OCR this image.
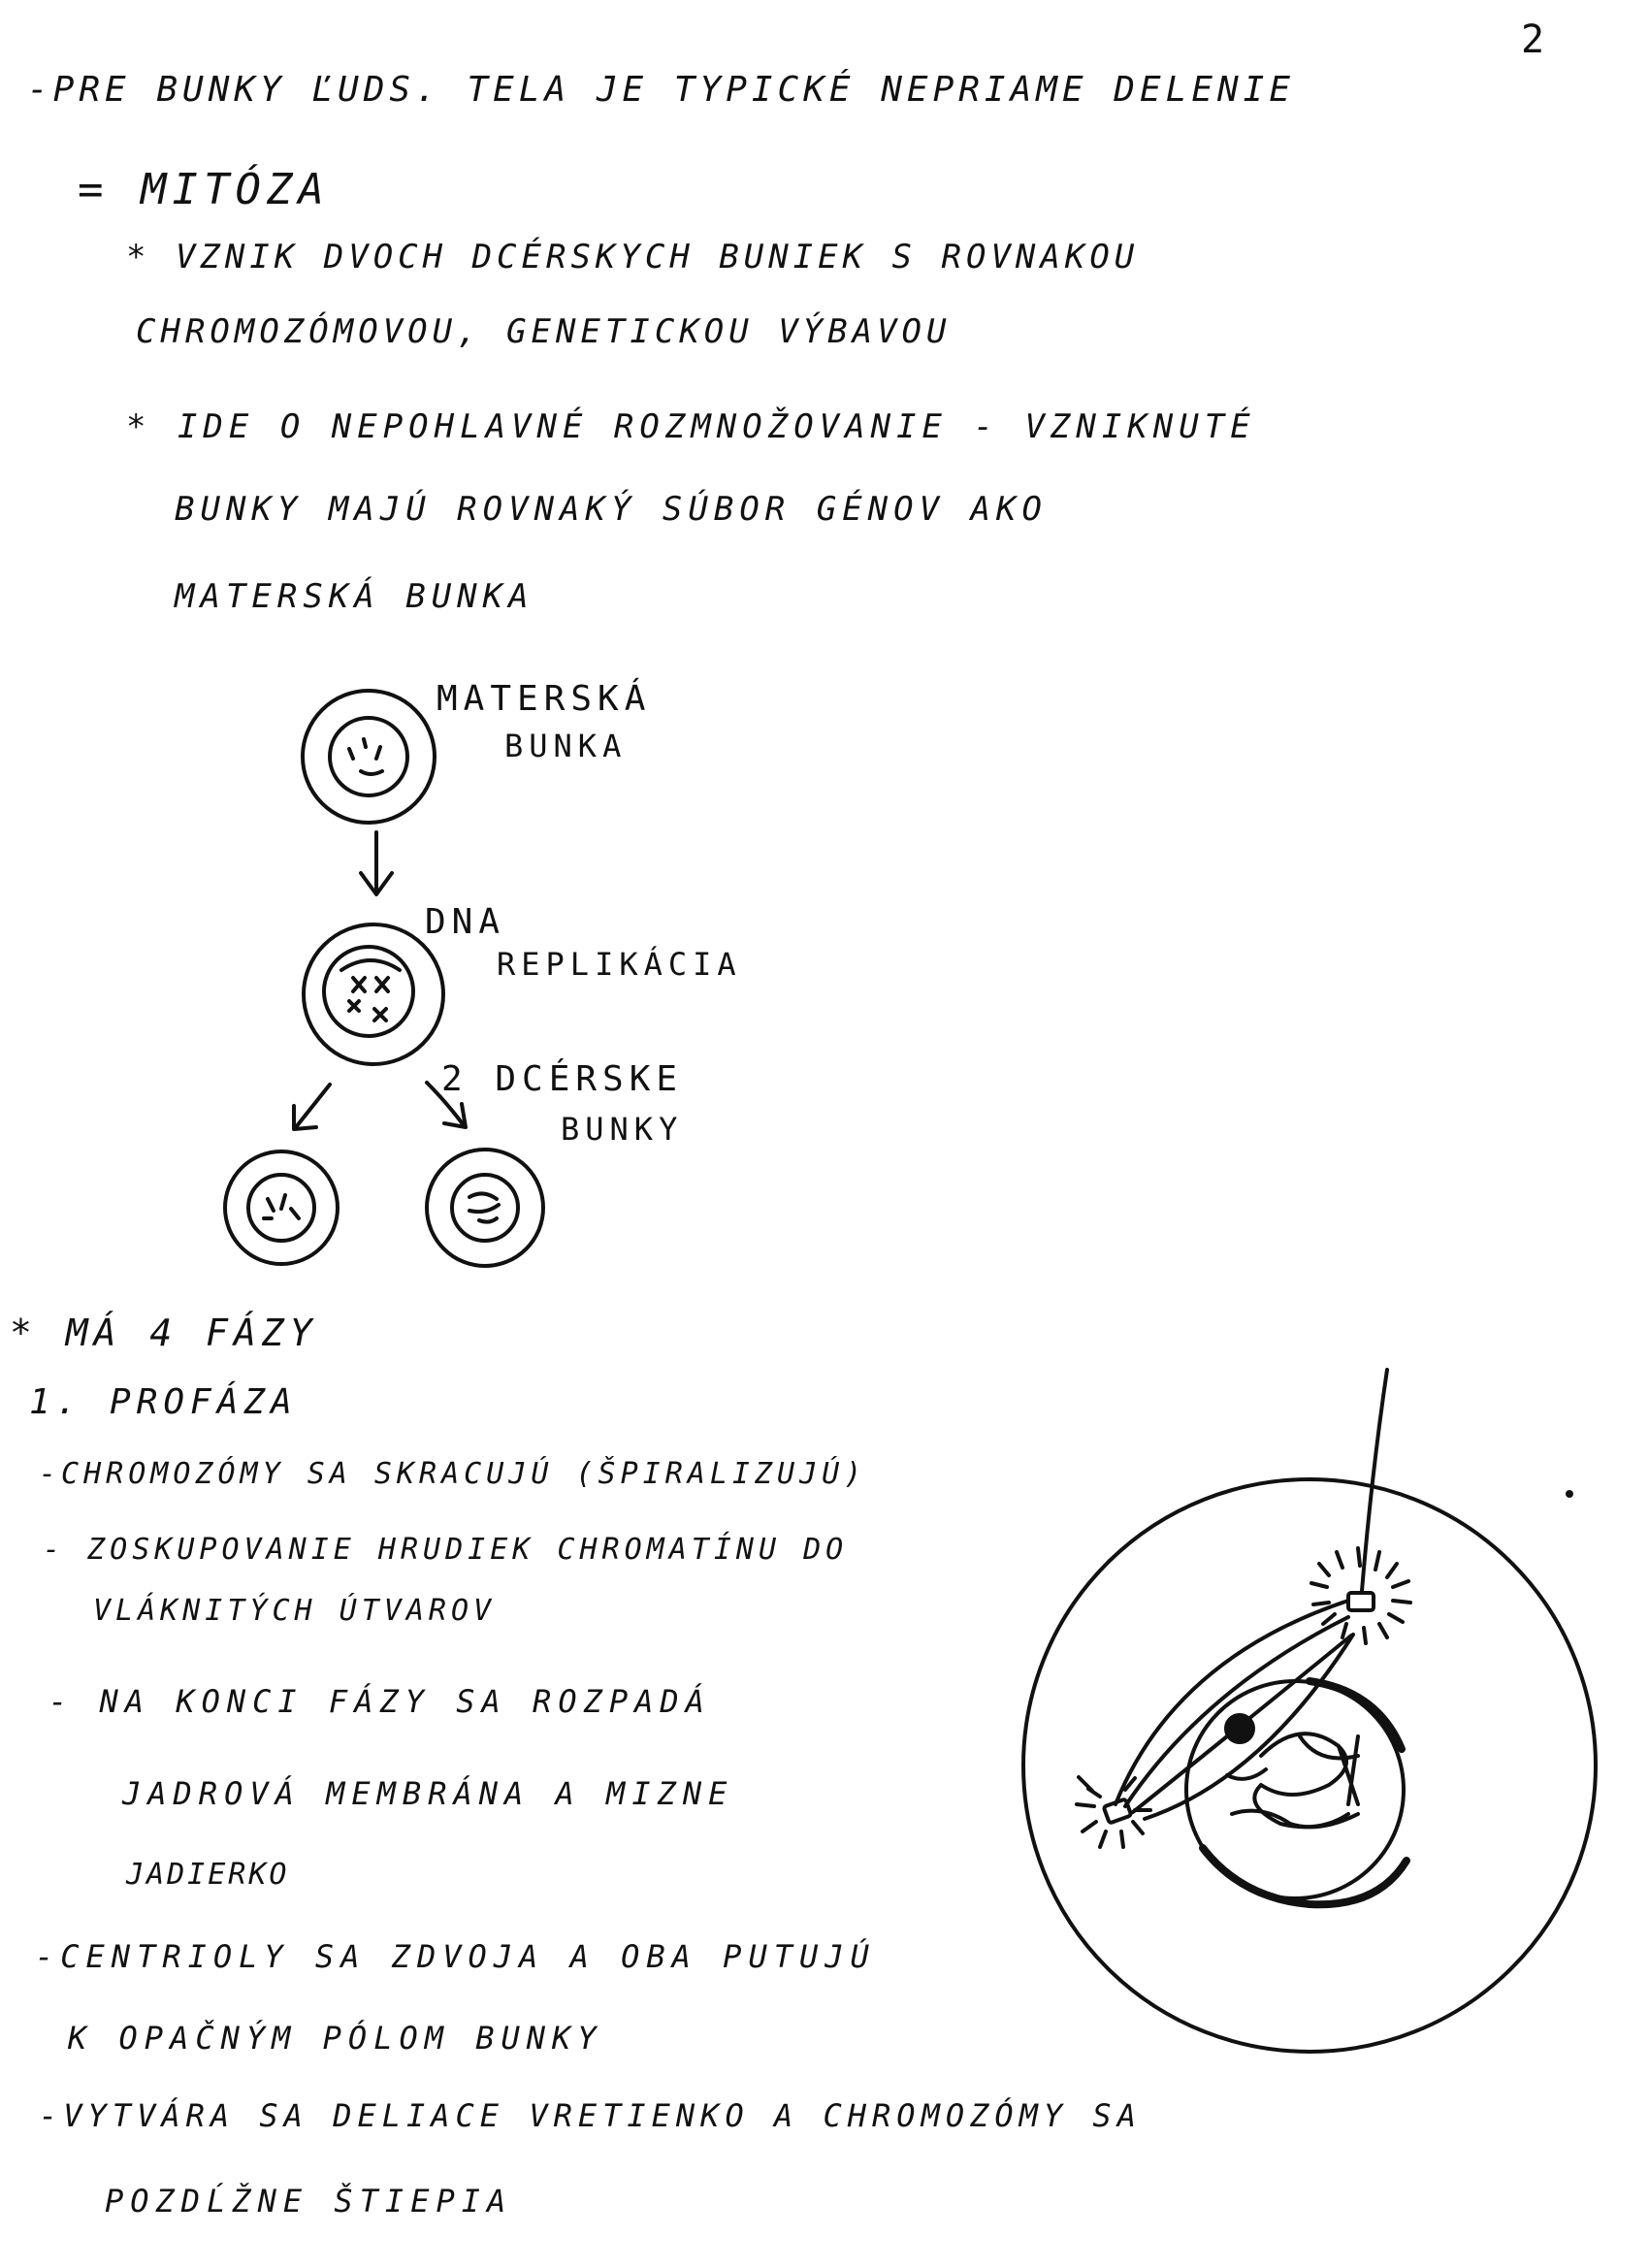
2
-PRE BUNKY ĽUDS. TELA JE TYPICKÉ NEPRIAME DELENIE
= MITÓZA
* VZNIK DVOCH DCÉRSKYCH BUNIEK S ROVNAKOU
CHROMOZÓMOVOU, GENETICKOU VÝBAVOU
* IDE O NEPOHLAVNÉ ROZMNOŽOVANIE - VZNIKNUTÉ
BUNKY MAJÚ ROVNAKÝ SÚBOR GÉNOV AKO
MATERSKÁ BUNKA
MATERSKÁ
BUNKA
DNA
REPLIKÁCIA
2 DCÉRSKE
BUNKY
* MÁ 4 FÁZY
1. PROFÁZA
-CHROMOZÓMY SA SKRACUJÚ (ŠPIRALIZUJÚ)
- ZOSKUPOVANIE HRUDIEK CHROMATÍNU DO
VLÁKNITÝCH ÚTVAROV
- NA KONCI FÁZY SA ROZPADÁ
JADROVÁ MEMBRÁNA A MIZNE
JADIERKO
-CENTRIOLY SA ZDVOJA A OBA PUTUJÚ
K OPAČNÝM PÓLOM BUNKY
-VYTVÁRA SA DELIACE VRETIENKO A CHROMOZÓMY SA
POZDĹŽNE ŠTIEPIA
